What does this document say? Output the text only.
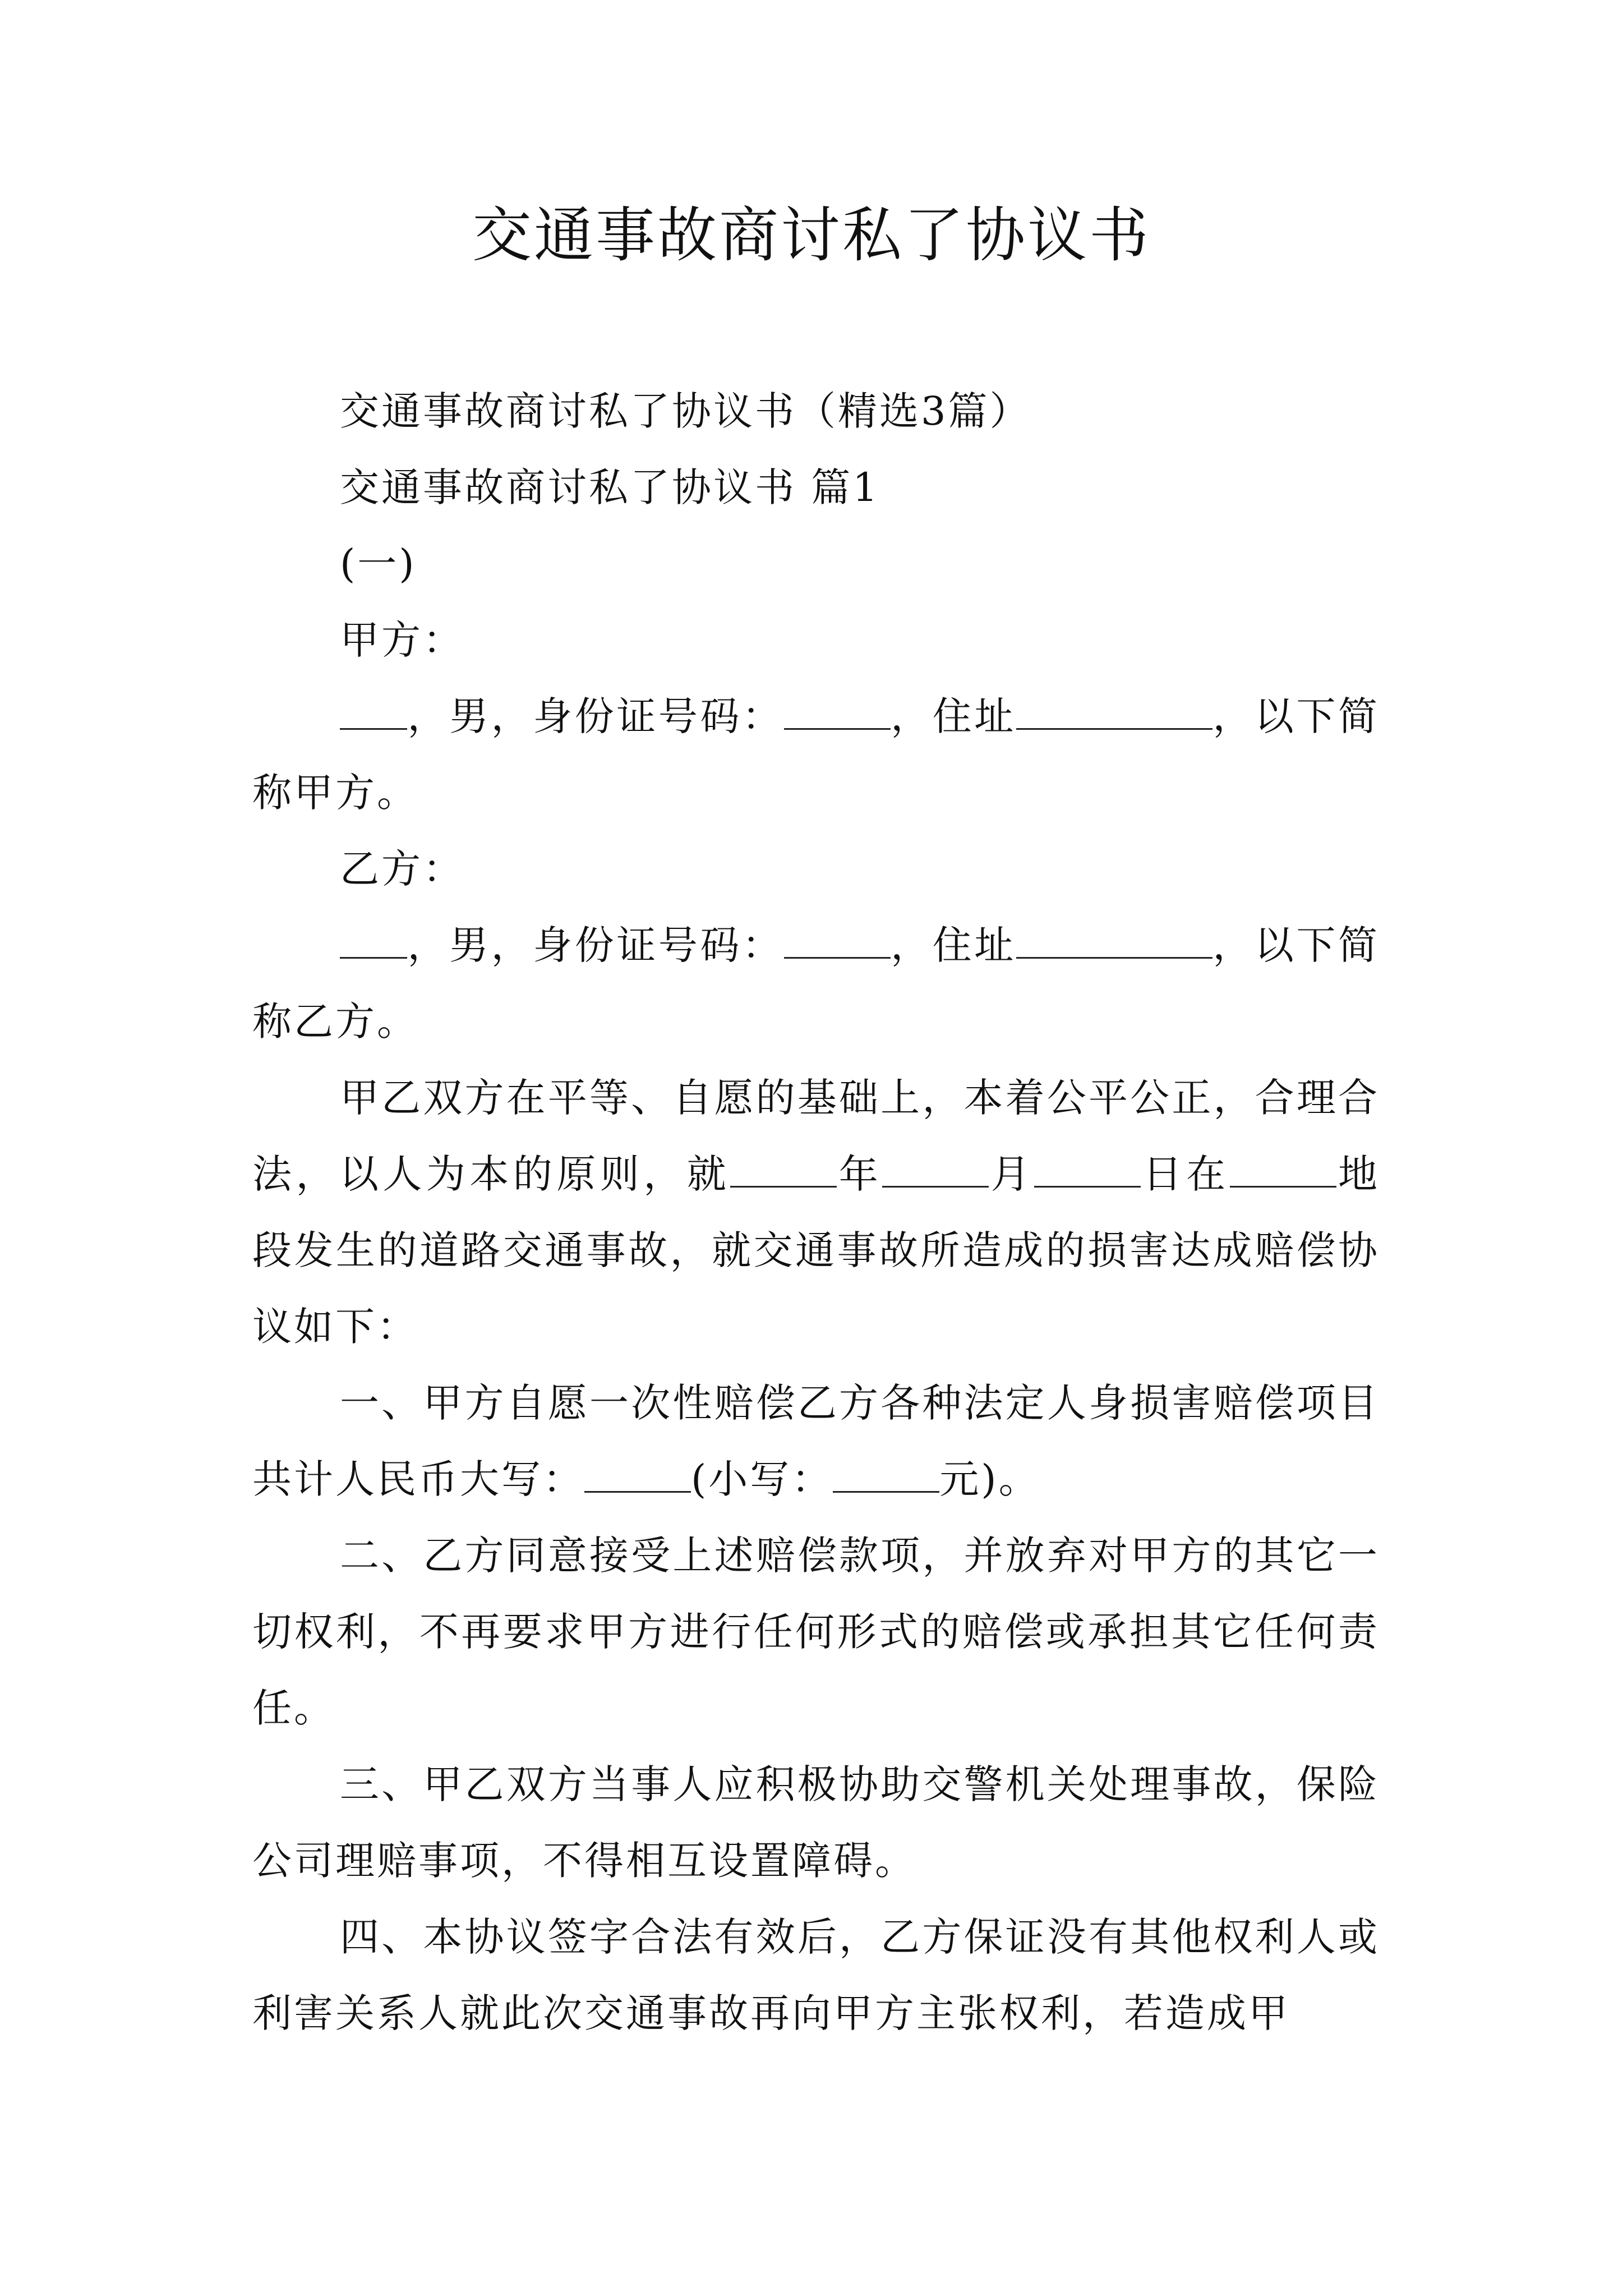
交通事故商讨私了协议书

交通事故商讨私了协议书（精选3篇）

交通事故商讨私了协议书 篇1

(一)

甲方：

，男，身份证号码：	，住址	，以下简称甲方。

乙方：

，男，身份证号码：	，住址	，以下简称乙方。

甲乙双方在平等、自愿的基础上，本着公平公正，合理合法，以人为本的原则，就	年	月	日在	地段发生的道路交通事故，就交通事故所造成的损害达成赔偿协议如下：

一、甲方自愿一次性赔偿乙方各种法定人身损害赔偿项目共计人民币大写：	(小写：	元)。

二、乙方同意接受上述赔偿款项，并放弃对甲方的其它一切权利，不再要求甲方进行任何形式的赔偿或承担其它任何责任。

三、甲乙双方当事人应积极协助交警机关处理事故，保险公司理赔事项，不得相互设置障碍。

四、本协议签字合法有效后，乙方保证没有其他权利人或利害关系人就此次交通事故再向甲方主张权利，若造成甲
